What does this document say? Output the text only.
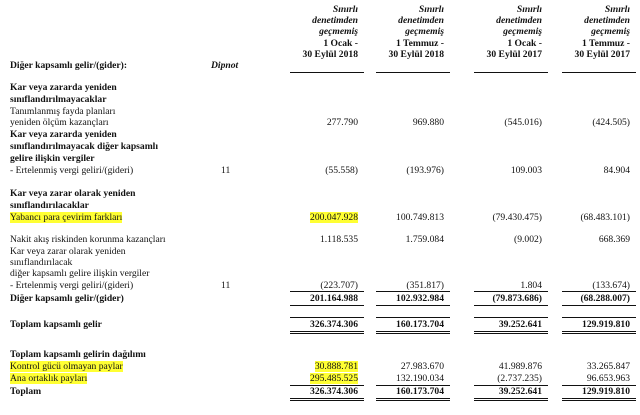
Sınırlı
denetimden
geçmemiş
1 Ocak -
30 Eylül 2018
Sınırlı
denetimden
geçmemiş
1 Temmuz -
30 Eylül 2018
Sınırlı
denetimden
geçmemiş
1 Ocak -
30 Eylül 2017
Sınırlı
denetimden
geçmemiş
1 Temmuz -
30 Eylül 2017
Diğer kapsamlı gelir/(gider):	Dipnot
Kar veya zararda yeniden
sınıflandırılmayacaklar
Tanımlanmış fayda planları
yeniden ölçüm kazançları	277.790	969.880	(545.016)	(424.505)
Kar veya zararda yeniden
sınıflandırılmayacak diğer kapsamlı
gelire ilişkin vergiler
- Ertelenmiş vergi geliri/(gideri)	11	(55.558)	(193.976)	109.003	84.904
Kar veya zarar olarak yeniden
sınıflandırılacaklar
Yabancı para çevirim farkları	200.047.928	100.749.813	(79.430.475)	(68.483.101)
Nakit akış riskinden korunma kazançları	1.118.535	1.759.084	(9.002)	668.369
Kar veya zarar olarak yeniden
sınıflandırılacak
diğer kapsamlı gelire ilişkin vergiler
- Ertelenmiş vergi geliri/(gideri)	11	(223.707)	(351.817)	1.804	(133.674)
Diğer kapsamlı gelir/(gider)	201.164.988	102.932.984	(79.873.686)	(68.288.007)
Toplam kapsamlı gelir	326.374.306	160.173.704	39.252.641	129.919.810
Toplam kapsamlı gelirin dağılımı
Kontrol gücü olmayan paylar	30.888.781	27.983.670	41.989.876	33.265.847
Ana ortaklık payları	295.485.525	132.190.034	(2.737.235)	96.653.963
Toplam	326.374.306	160.173.704	39.252.641	129.919.810
